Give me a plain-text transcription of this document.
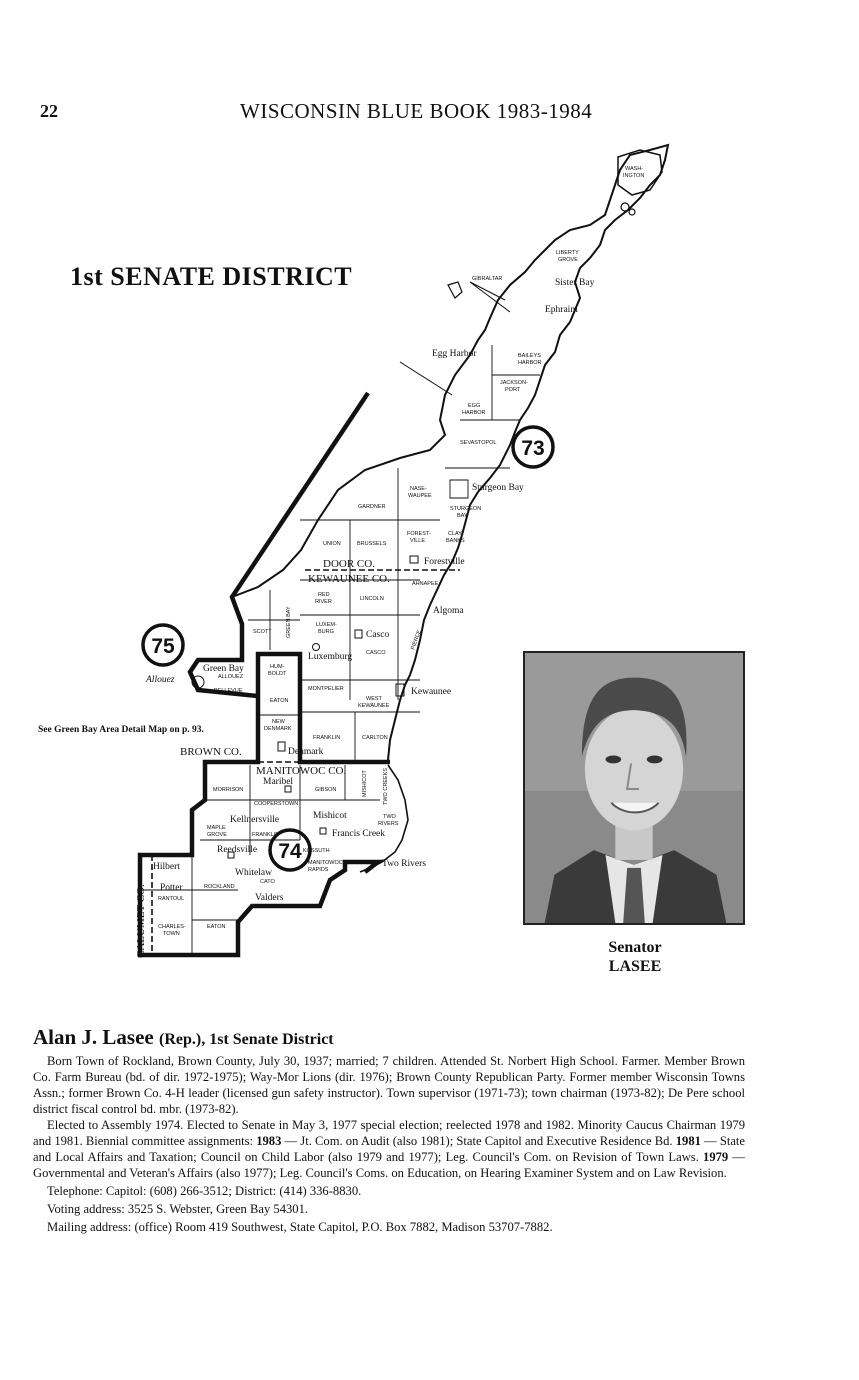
22	WISCONSIN BLUE BOOK 1983-1984
1st SENATE DISTRICT
73
74
75
DOOR CO.
KEWAUNEE CO.
BROWN CO.
MANITOWOC CO.
CALUMET CO.
WASH-
INGTON
LIBERTY
GROVE
GIBRALTAR
BAILEYS
HARBOR
JACKSON-
PORT
EGG
HARBOR
SEVASTOPOL
NASE-
WAUPEE
GARDNER	STURGEON
BAY
UNION	BRUSSELS
FOREST-
VILLE
CLAY-
BANKS
AHNAPEE
RED
RIVER	LINCOLN
SCOTT	GREEN BAY	LUXEM-
BURG
CASCO
PIERCE
HUM-
BOLDT
ALLOUEZ
BELLEVUE
EATON
MONTPELIER
WEST
KEWAUNEE
NEW
DENMARK
FRANKLIN	CARLTON
MORRISON	GIBSON	MISHICOT	TWO CREEKS
COOPERSTOWN
MAPLE
GROVE	FRANKLIN
TWO
RIVERS
KOSSUTH
MANITOWOC
RAPIDS
ROCKLAND
CATO
RANTOUL
CHARLES-
TOWN
EATON
Sister Bay
Ephraim
Egg Harbor
Sturgeon Bay
Forestville
Algoma
Casco
Luxemburg
Green Bay
Allouez
Kewaunee
Denmark
Maribel
Mishicot
Kellnersville
Francis Creek
Reedsville
Whitelaw
Two Rivers
Hilbert
Potter
Valders
See Green Bay Area Detail Map on p. 93.
Senator
LASEE
Alan J. Lasee (Rep.), 1st Senate District

Born Town of Rockland, Brown County, July 30, 1937; married; 7 children. Attended St. Norbert High School. Farmer. Member Brown Co. Farm Bureau (bd. of dir. 1972-1975); Way-Mor Lions (dir. 1976); Brown County Republican Party. Former member Wisconsin Towns Assn.; former Brown Co. 4-H leader (licensed gun safety instructor). Town supervisor (1971-73); town chairman (1973-82); De Pere school district fiscal control bd. mbr. (1973-82).

Elected to Assembly 1974. Elected to Senate in May 3, 1977 special election; reelected 1978 and 1982. Minority Caucus Chairman 1979 and 1981. Biennial committee assignments: 1983 — Jt. Com. on Audit (also 1981); State Capitol and Executive Residence Bd. 1981 — State and Local Affairs and Taxation; Council on Child Labor (also 1979 and 1977); Leg. Council's Com. on Revision of Town Laws. 1979 — Governmental and Veteran's Affairs (also 1977); Leg. Council's Coms. on Education, on Hearing Examiner System and on Law Revision.

Telephone: Capitol: (608) 266-3512; District: (414) 336-8830.

Voting address: 3525 S. Webster, Green Bay 54301.

Mailing address: (office) Room 419 Southwest, State Capitol, P.O. Box 7882, Madison 53707-7882.
